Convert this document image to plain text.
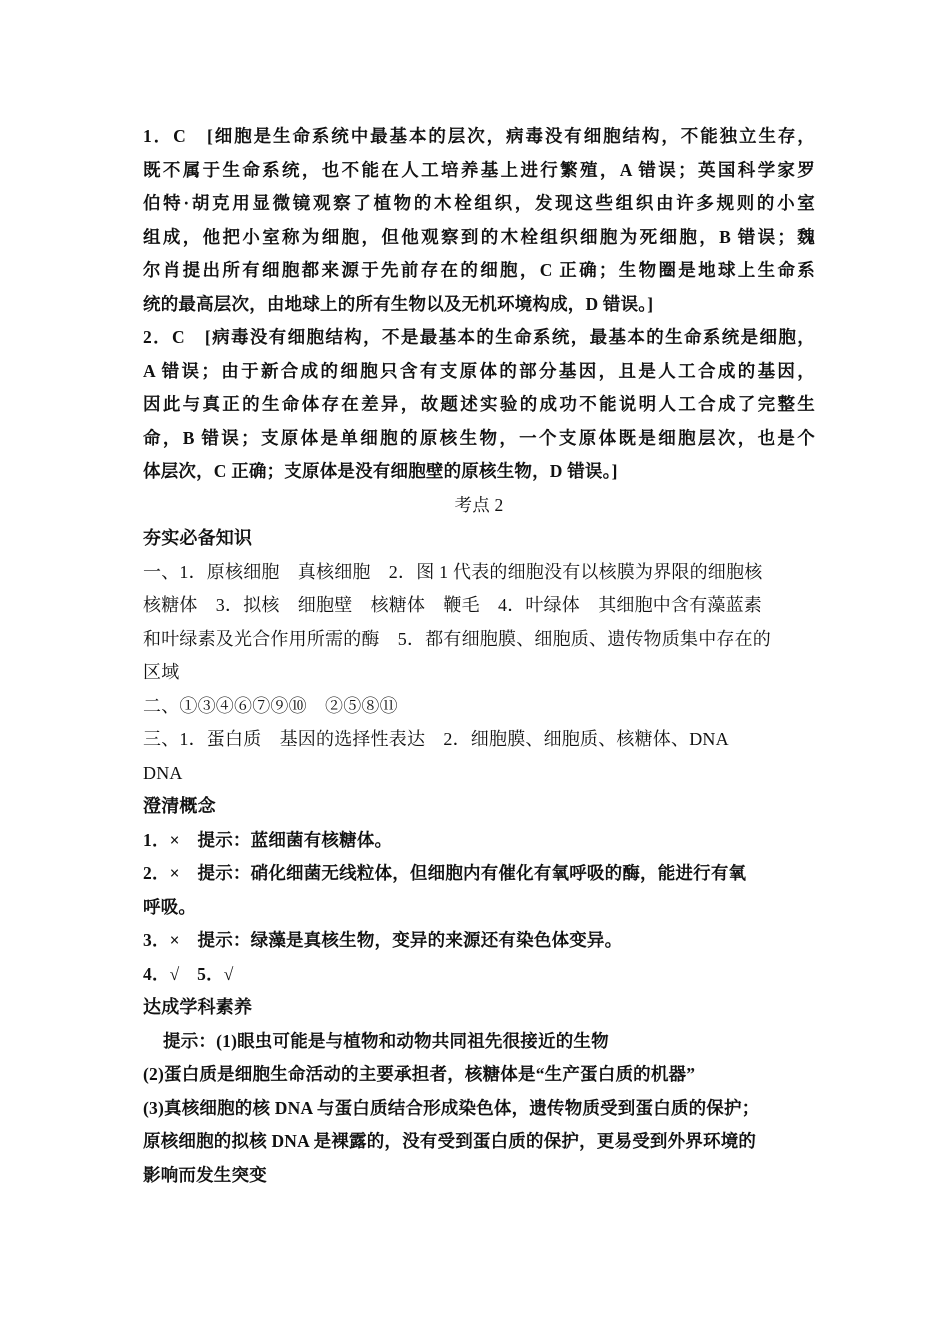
1．C　[细胞是生命系统中最基本的层次，病毒没有细胞结构，不能独立生存，
既不属于生命系统，也不能在人工培养基上进行繁殖，A 错误；英国科学家罗
伯特·胡克用显微镜观察了植物的木栓组织，发现这些组织由许多规则的小室
组成，他把小室称为细胞，但他观察到的木栓组织细胞为死细胞，B 错误；魏
尔肖提出所有细胞都来源于先前存在的细胞，C 正确；生物圈是地球上生命系
统的最高层次，由地球上的所有生物以及无机环境构成，D 错误。]
2．C　[病毒没有细胞结构，不是最基本的生命系统，最基本的生命系统是细胞，
A 错误；由于新合成的细胞只含有支原体的部分基因，且是人工合成的基因，
因此与真正的生命体存在差异，故题述实验的成功不能说明人工合成了完整生
命，B 错误；支原体是单细胞的原核生物，一个支原体既是细胞层次，也是个
体层次，C 正确；支原体是没有细胞壁的原核生物，D 错误。]
考点 2
夯实必备知识
一、1．原核细胞　真核细胞　2．图 1 代表的细胞没有以核膜为界限的细胞核
核糖体　3．拟核　细胞壁　核糖体　鞭毛　4．叶绿体　其细胞中含有藻蓝素
和叶绿素及光合作用所需的酶　5．都有细胞膜、细胞质、遗传物质集中存在的
区域
二、①③④⑥⑦⑨⑩　②⑤⑧⑪
三、1．蛋白质　基因的选择性表达　2．细胞膜、细胞质、核糖体、DNA
DNA
澄清概念
1．×　提示：蓝细菌有核糖体。
2．×　提示：硝化细菌无线粒体，但细胞内有催化有氧呼吸的酶，能进行有氧
呼吸。
3．×　提示：绿藻是真核生物，变异的来源还有染色体变异。
4．√　5．√
达成学科素养
提示：(1)眼虫可能是与植物和动物共同祖先很接近的生物
(2)蛋白质是细胞生命活动的主要承担者，核糖体是“生产蛋白质的机器”
(3)真核细胞的核 DNA 与蛋白质结合形成染色体，遗传物质受到蛋白质的保护；
原核细胞的拟核 DNA 是裸露的，没有受到蛋白质的保护，更易受到外界环境的
影响而发生突变
